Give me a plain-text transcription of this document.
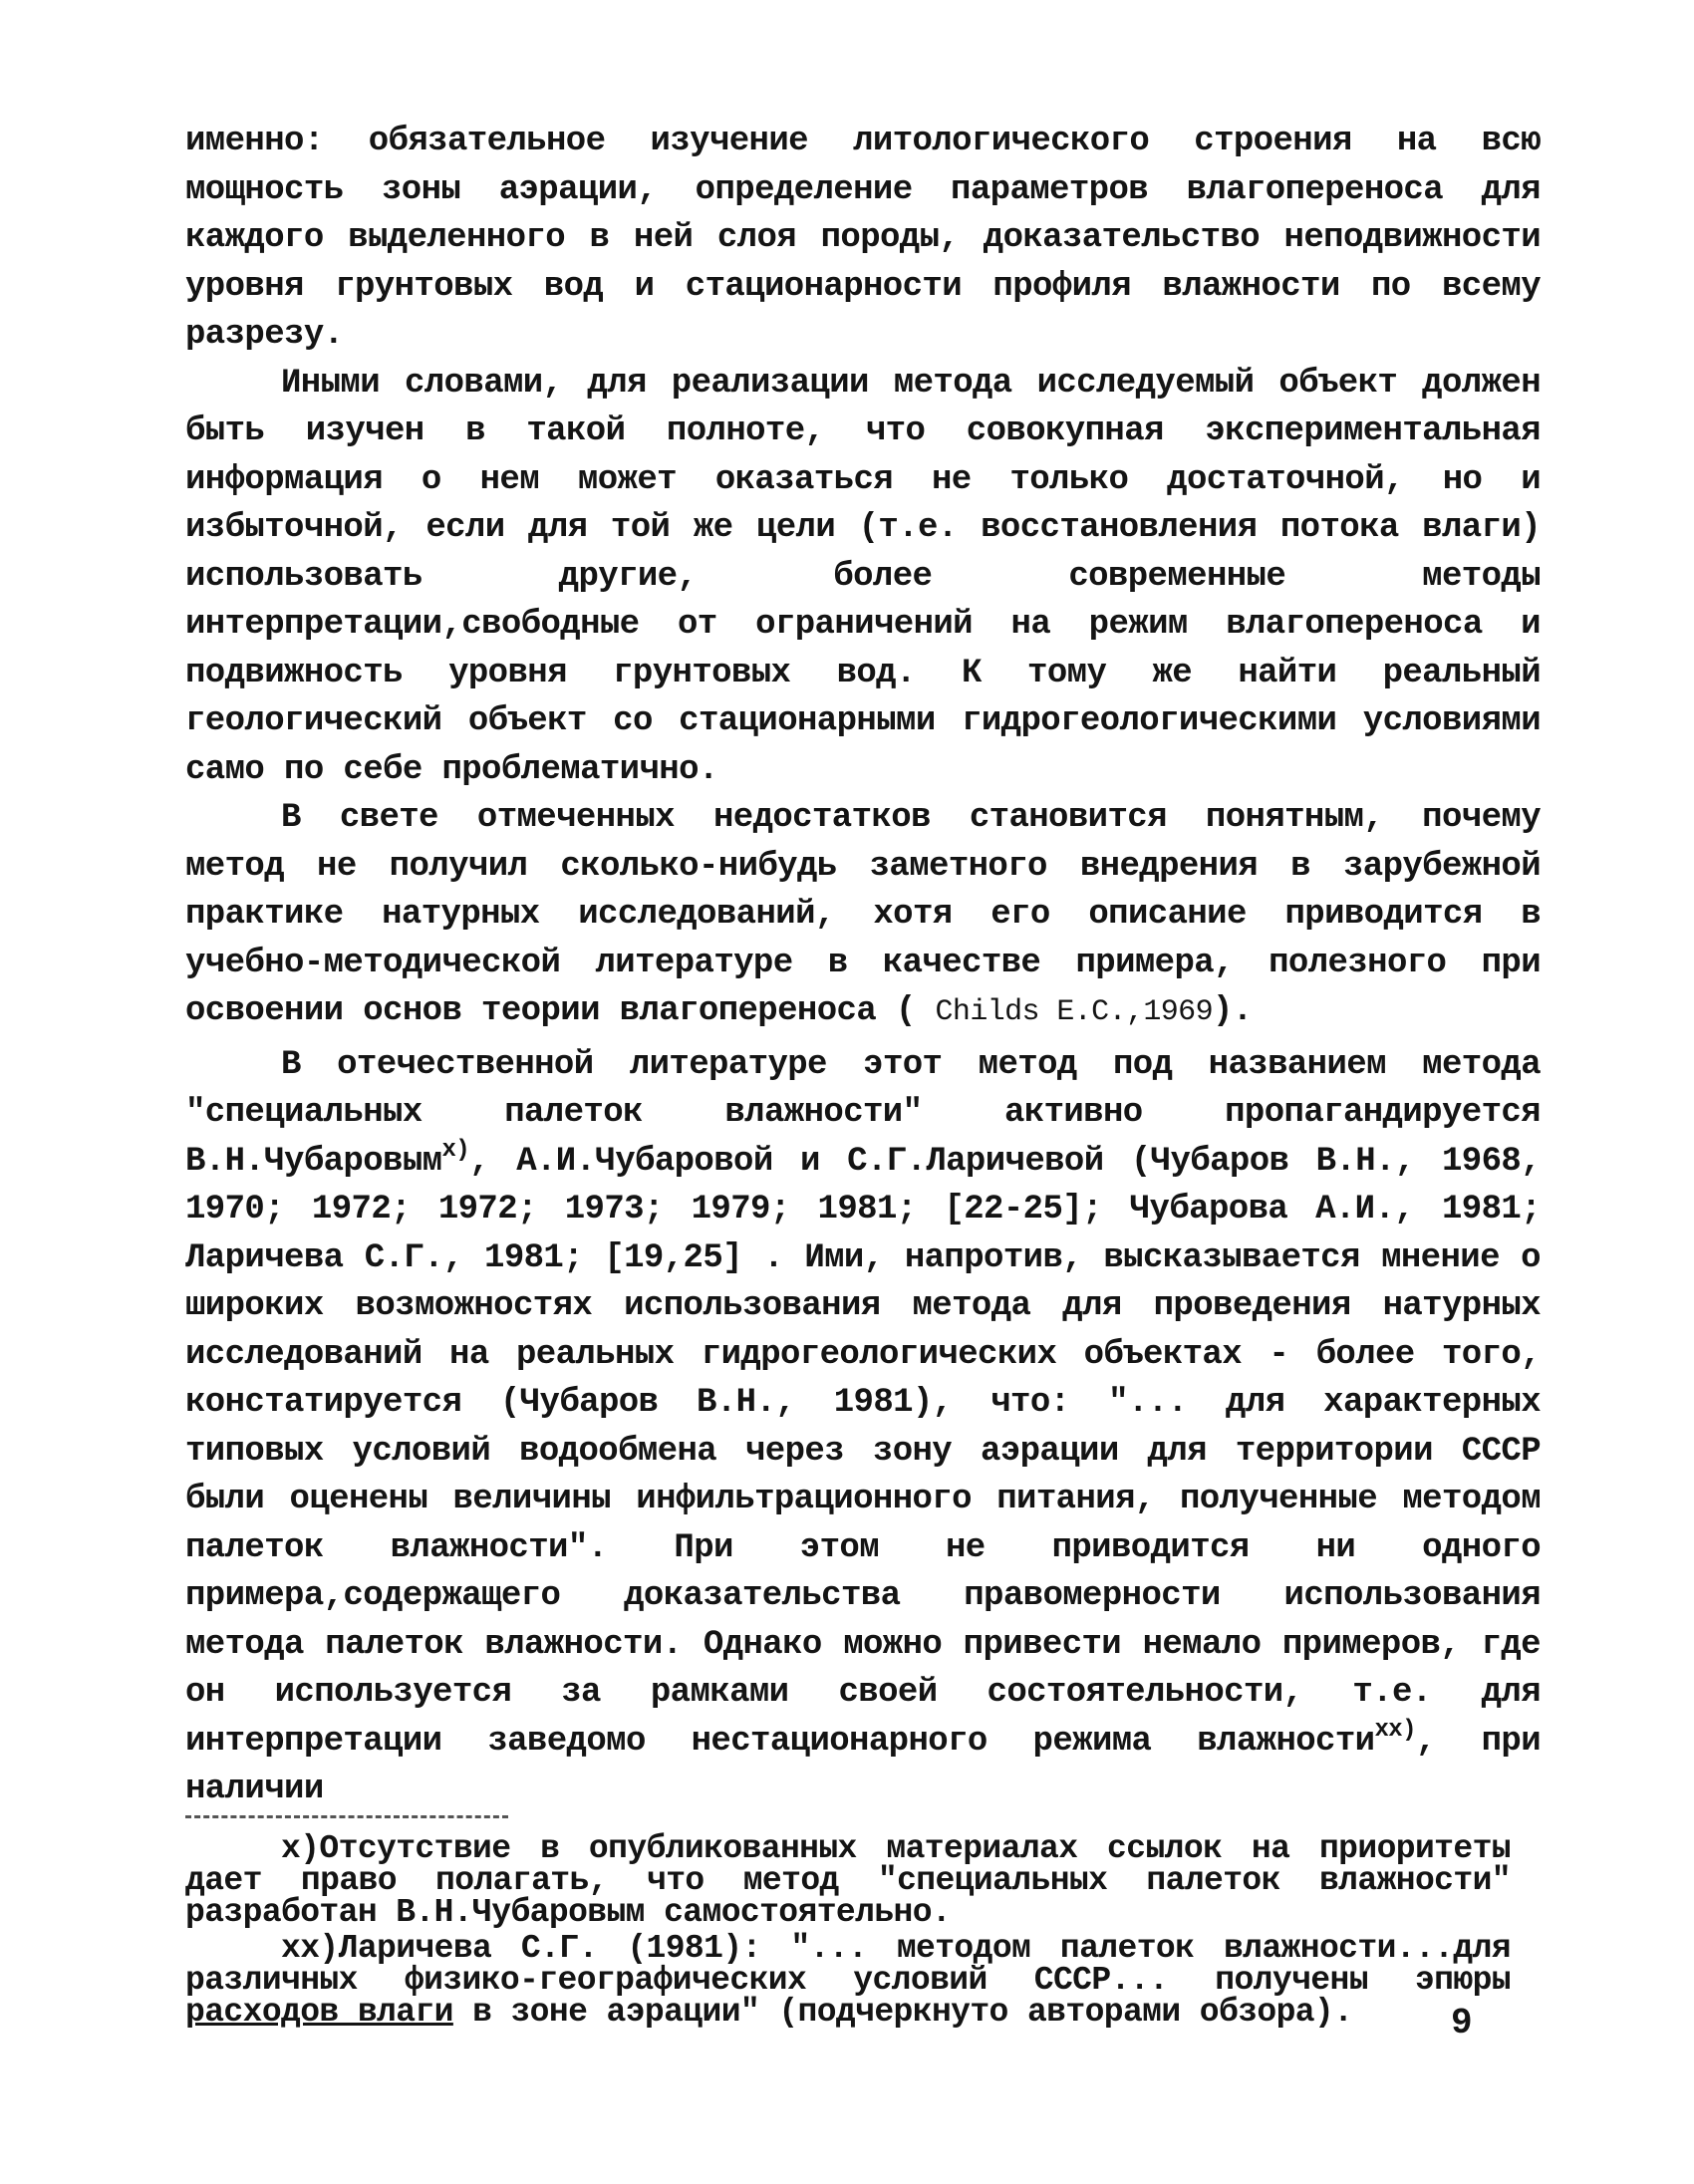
именно: обязательное изучение литологического строения на всю мощность зоны аэрации, определение параметров влагопереноса для каждого выделенного в ней слоя породы, доказательство неподвижности уровня грунтовых вод и стационарности профиля влажности по всему разрезу.

Иными словами, для реализации метода исследуемый объект должен быть изучен в такой полноте, что совокупная экспериментальная информация о нем может оказаться не только достаточной, но и избыточной, если для той же цели (т.е. восстановления потока влаги) использовать другие, более современные методы интерпретации,свободные от ограничений на режим влагопереноса и подвижность уровня грунтовых вод. К тому же найти реальный геологический объект со стационарными гидрогеологическими условиями само по себе проблематично.

В свете отмеченных недостатков становится понятным, почему метод не получил сколько-нибудь заметного внедрения в зарубежной практике натурных исследований, хотя его описание приводится в учебно-методической литературе в качестве примера, полезного при освоении основ теории влагопереноса ( Childs E.C.,1969).

В отечественной литературе этот метод под названием метода "специальных палеток влажности" активно пропагандируется В.Н.Чубаровым$^{x)}$, А.И.Чубаровой и С.Г.Ларичевой (Чубаров В.Н., 1968, 1970; 1972; 1972; 1973; 1979; 1981; [22-25]; Чубарова А.И., 1981; Ларичева С.Г., 1981; [19,25] . Ими, напротив, высказывается мнение о широких возможностях использования метода для проведения натурных исследований на реальных гидрогеологических объектах - более того, констатируется (Чубаров В.Н., 1981), что: "... для характерных типовых условий водообмена через зону аэрации для территории СССР были оценены величины инфильтрационного питания, полученные методом палеток влажности". При этом не приводится ни одного примера,содержащего доказательства правомерности использования метода палеток влажности. Однако можно привести немало примеров, где он используется за рамками своей состоятельности, т.е. для интерпретации заведомо нестационарного режима влажности$^{xx)}$, при наличии

x)Отсутствие в опубликованных материалах ссылок на приоритеты дает право полагать, что метод "специальных палеток влажности" разработан В.Н.Чубаровым самостоятельно.

xx)Ларичева С.Г. (1981): "... методом палеток влажности...для различных физико-географических условий СССР... получены эпюры расходов влаги в зоне аэрации" (подчеркнуто авторами обзора).	9
